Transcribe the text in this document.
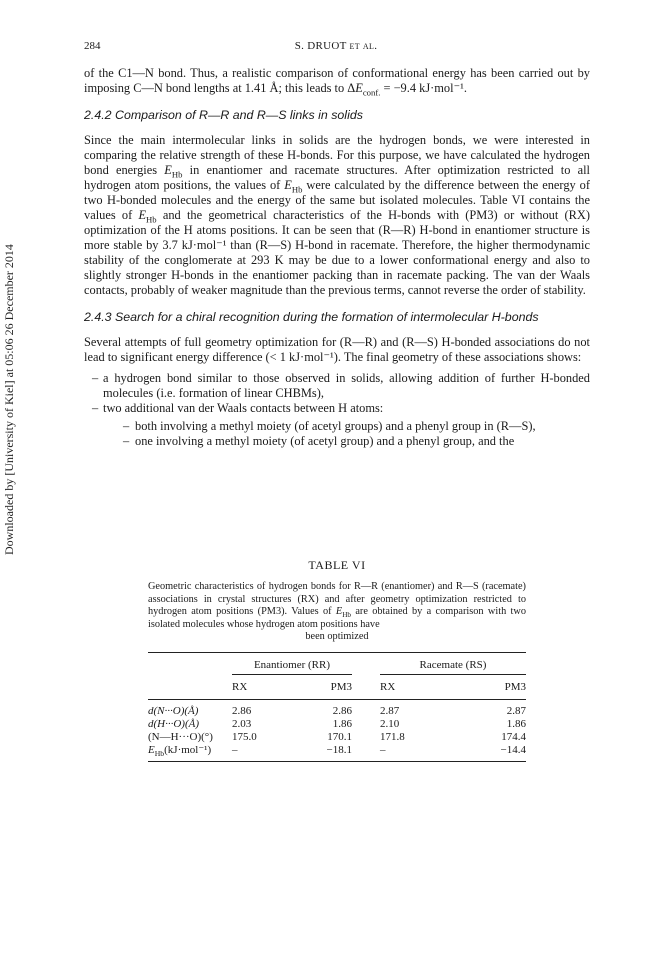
284	S. DRUOT et al.
Downloaded by [University of Kiel] at 05:06 26 December 2014

of the C1—N bond. Thus, a realistic comparison of conformational energy has been carried out by imposing C—N bond lengths at 1.41 Å; this leads to $\Delta E_{conf.} = -9.4$ kJ·mol⁻¹.

2.4.2 Comparison of R—R and R—S links in solids

Since the main intermolecular links in solids are the hydrogen bonds, we were interested in comparing the relative strength of these H-bonds. For this purpose, we have calculated the hydrogen bond energies $E_{Hb}$ in enantiomer and racemate structures. After optimization restricted to all hydrogen atom positions, the values of $E_{Hb}$ were calculated by the difference between the energy of two H-bonded molecules and the energy of the same but isolated molecules. Table VI contains the values of $E_{Hb}$ and the geometrical characteristics of the H-bonds with (PM3) or without (RX) optimization of the H atoms positions. It can be seen that (R—R) H-bond in enantiomer structure is more stable by 3.7 kJ·mol⁻¹ than (R—S) H-bond in racemate. Therefore, the higher thermodynamic stability of the conglomerate at 293 K may be due to a lower conformational energy and also to slightly stronger H-bonds in the enantiomer packing than in racemate packing. The van der Waals contacts, probably of weaker magnitude than the previous terms, cannot reverse the order of stability.

2.4.3 Search for a chiral recognition during the formation of intermolecular H-bonds

Several attempts of full geometry optimization for (R—R) and (R—S) H-bonded associations do not lead to significant energy difference (< 1 kJ·mol⁻¹). The final geometry of these associations shows:

– a hydrogen bond similar to those observed in solids, allowing addition of further H-bonded molecules (i.e. formation of linear CHBMs),
– two additional van der Waals contacts between H atoms:
– both involving a methyl moiety (of acetyl groups) and a phenyl group in (R—S),
– one involving a methyl moiety (of acetyl group) and a phenyl group, and the
TABLE VI
Geometric characteristics of hydrogen bonds for R—R (enantiomer) and R—S (racemate) associations in crystal structures (RX) and after geometry optimization restricted to hydrogen atom positions (PM3). Values of $E_{Hb}$ are obtained by a comparison with two isolated molecules whose hydrogen atom positions have
been optimized

	Enantiomer (RR)			Racemate (RS)	
	RX	PM3		RX	PM3
d(N···O)(Å)	2.86	2.86		2.87	2.87
d(H···O)(Å)	2.03	1.86		2.10	1.86
(N—H···O)(°)	175.0	170.1		171.8	174.4
$E_{Hb}(kJ\cdot mol^{-1})$	–	−18.1		–	−14.4
